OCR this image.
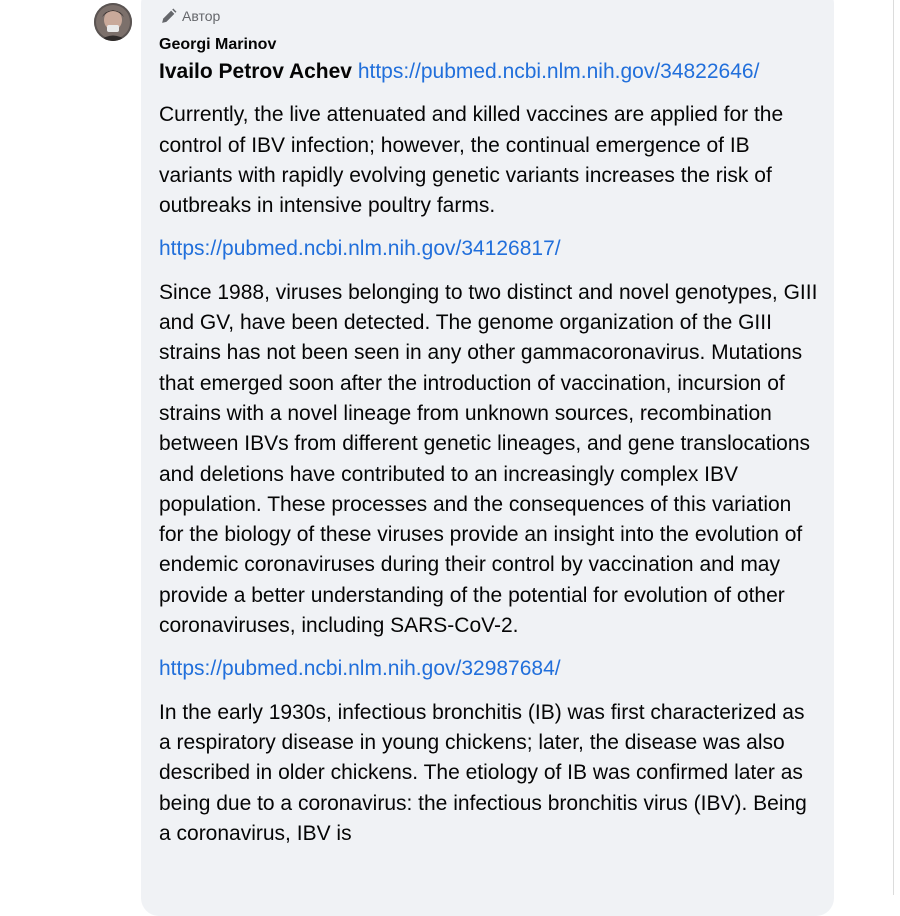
Автор
Georgi Marinov

Ivailo Petrov Achev https://pubmed.ncbi.nlm.nih.gov/34822646/

Currently, the live attenuated and killed vaccines are applied for the control of IBV infection; however, the continual emergence of IB variants with rapidly evolving genetic variants increases the risk of outbreaks in intensive poultry farms.

https://pubmed.ncbi.nlm.nih.gov/34126817/

Since 1988, viruses belonging to two distinct and novel genotypes, GIII and GV, have been detected. The genome organization of the GIII strains has not been seen in any other gammacoronavirus. Mutations that emerged soon after the introduction of vaccination, incursion of strains with a novel lineage from unknown sources, recombination between IBVs from different genetic lineages, and gene translocations and deletions have contributed to an increasingly complex IBV population. These processes and the consequences of this variation for the biology of these viruses provide an insight into the evolution of endemic coronaviruses during their control by vaccination and may provide a better understanding of the potential for evolution of other coronaviruses, including SARS-CoV-2.

https://pubmed.ncbi.nlm.nih.gov/32987684/

In the early 1930s, infectious bronchitis (IB) was first characterized as a respiratory disease in young chickens; later, the disease was also described in older chickens. The etiology of IB was confirmed later as being due to a coronavirus: the infectious bronchitis virus (IBV). Being a coronavirus, IBV is
